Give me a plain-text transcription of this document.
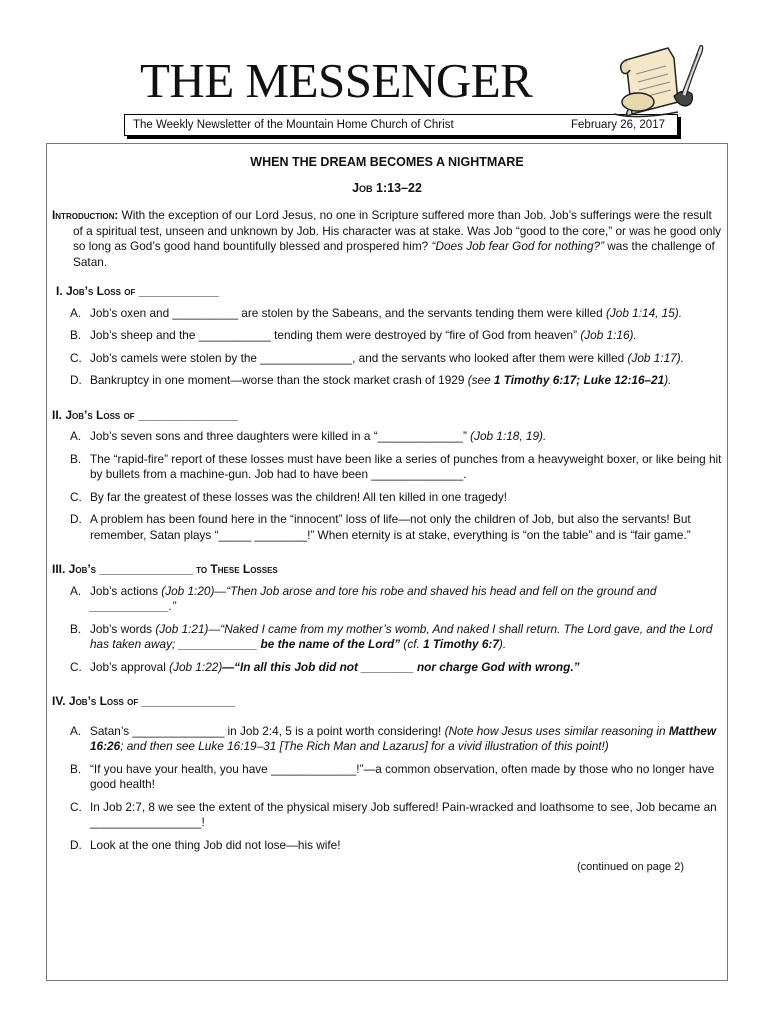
THE MESSENGER
The Weekly Newsletter of the Mountain Home Church of Christ	February 26, 2017
WHEN THE DREAM BECOMES A NIGHTMARE
Job 1:13–22
Introduction: With the exception of our Lord Jesus, no one in Scripture suffered more than Job. Job’s sufferings were the result of a spiritual test, unseen and unknown by Job. His character was at stake. Was Job “good to the core,” or was he good only so long as God’s good hand bountifully blessed and prospered him? “Does Job fear God for nothing?” was the challenge of Satan.
I. Job’s Loss of ____________
A. Job’s oxen and __________ are stolen by the Sabeans, and the servants tending them were killed (Job 1:14, 15).
B. Job’s sheep and the ___________ tending them were destroyed by “fire of God from heaven” (Job 1:16).
C. Job’s camels were stolen by the ______________, and the servants who looked after them were killed (Job 1:17).
D. Bankruptcy in one moment—worse than the stock market crash of 1929 (see 1 Timothy 6:17; Luke 12:16–21).
II. Job’s Loss of _______________
A. Job’s seven sons and three daughters were killed in a “_____________” (Job 1:18, 19).
B. The “rapid-fire” report of these losses must have been like a series of punches from a heavyweight boxer, or like being hit by bullets from a machine-gun. Job had to have been ______________.
C. By far the greatest of these losses was the children! All ten killed in one tragedy!
D. A problem has been found here in the “innocent” loss of life—not only the children of Job, but also the servants! But remember, Satan plays “_____ ________!” When eternity is at stake, everything is “on the table” and is “fair game.”
III. Job’s ______________ to These Losses
A. Job’s actions (Job 1:20)—“Then Job arose and tore his robe and shaved his head and fell on the ground and ____________.”
B. Job’s words (Job 1:21)—“Naked I came from my mother’s womb, And naked I shall return. The Lord gave, and the Lord has taken away; ____________ be the name of the Lord” (cf. 1 Timothy 6:7).
C. Job’s approval (Job 1:22)—“In all this Job did not ________ nor charge God with wrong.”
IV. Job’s Loss of ______________
A. Satan’s ______________ in Job 2:4, 5 is a point worth considering! (Note how Jesus uses similar reasoning in Matthew 16:26; and then see Luke 16:19–31 [The Rich Man and Lazarus] for a vivid illustration of this point!)
B. “If you have your health, you have _____________!”—a common observation, often made by those who no longer have good health!
C. In Job 2:7, 8 we see the extent of the physical misery Job suffered! Pain-wracked and loathsome to see, Job became an _________________!
D. Look at the one thing Job did not lose—his wife!
(continued on page 2)
